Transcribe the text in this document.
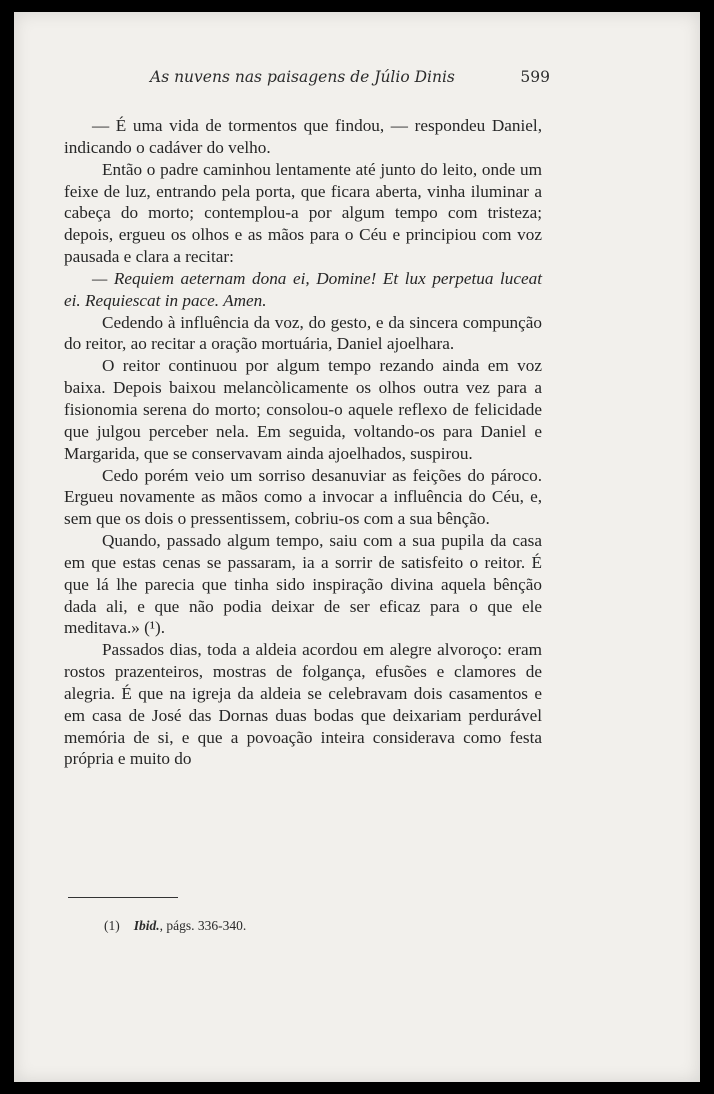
As nuvens nas paisagens de Júlio Dinis	599

— É uma vida de tormentos que findou, — respondeu Daniel, indicando o cadáver do velho.

Então o padre caminhou lentamente até junto do leito, onde um feixe de luz, entrando pela porta, que ficara aberta, vinha iluminar a cabeça do morto; contemplou-a por algum tempo com tristeza; depois, ergueu os olhos e as mãos para o Céu e principiou com voz pausada e clara a recitar:

— Requiem aeternam dona ei, Domine! Et lux perpetua luceat ei. Requiescat in pace. Amen.

Cedendo à influência da voz, do gesto, e da sincera compunção do reitor, ao recitar a oração mortuária, Daniel ajoelhara.

O reitor continuou por algum tempo rezando ainda em voz baixa. Depois baixou melancòlicamente os olhos outra vez para a fisionomia serena do morto; consolou-o aquele reflexo de felicidade que julgou perceber nela. Em seguida, voltando-os para Daniel e Margarida, que se conservavam ainda ajoelhados, suspirou.

Cedo porém veio um sorriso desanuviar as feições do pároco. Ergueu novamente as mãos como a invocar a influência do Céu, e, sem que os dois o pressentissem, cobriu-os com a sua bênção.

Quando, passado algum tempo, saiu com a sua pupila da casa em que estas cenas se passaram, ia a sorrir de satisfeito o reitor. É que lá lhe parecia que tinha sido inspiração divina aquela bênção dada ali, e que não podia deixar de ser eficaz para o que ele meditava.» (¹).

Passados dias, toda a aldeia acordou em alegre alvoroço: eram rostos prazenteiros, mostras de folgança, efusões e clamores de alegria. É que na igreja da aldeia se celebravam dois casamentos e em casa de José das Dornas duas bodas que deixariam perdurável memória de si, e que a povoação inteira considerava como festa própria e muito do

(1) Ibid., págs. 336-340.
